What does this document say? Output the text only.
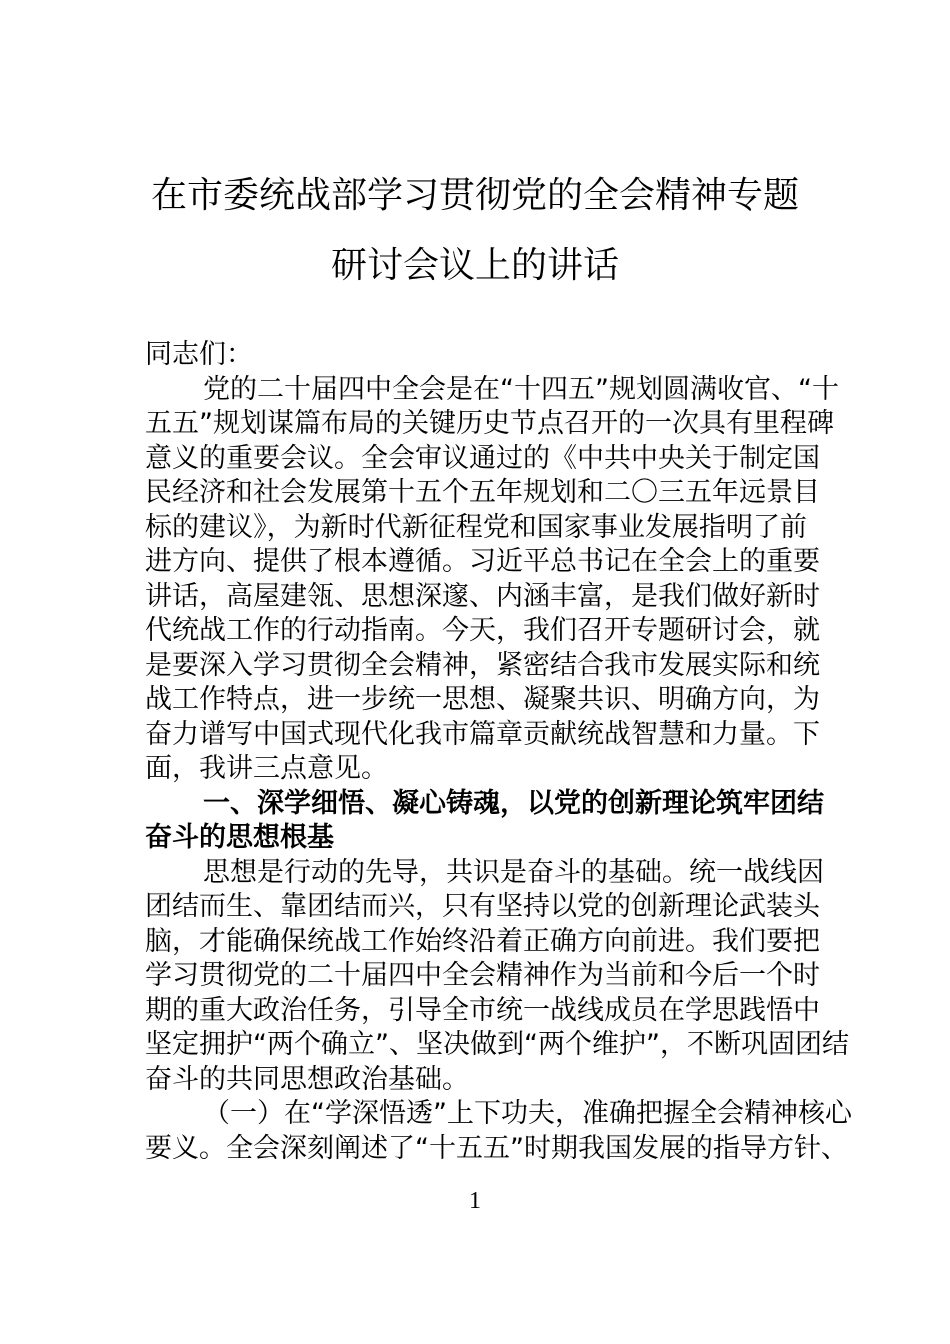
在市委统战部学习贯彻党的全会精神专题
研讨会议上的讲话
同志们：
党的二十届四中全会是在“十四五”规划圆满收官、“十
五五”规划谋篇布局的关键历史节点召开的一次具有里程碑
意义的重要会议。全会审议通过的《中共中央关于制定国
民经济和社会发展第十五个五年规划和二〇三五年远景目
标的建议》，为新时代新征程党和国家事业发展指明了前
进方向、提供了根本遵循。习近平总书记在全会上的重要
讲话，高屋建瓴、思想深邃、内涵丰富，是我们做好新时
代统战工作的行动指南。今天，我们召开专题研讨会，就
是要深入学习贯彻全会精神，紧密结合我市发展实际和统
战工作特点，进一步统一思想、凝聚共识、明确方向，为
奋力谱写中国式现代化我市篇章贡献统战智慧和力量。下
面，我讲三点意见。
一、深学细悟、凝心铸魂，以党的创新理论筑牢团结
奋斗的思想根基
思想是行动的先导，共识是奋斗的基础。统一战线因
团结而生、靠团结而兴，只有坚持以党的创新理论武装头
脑，才能确保统战工作始终沿着正确方向前进。我们要把
学习贯彻党的二十届四中全会精神作为当前和今后一个时
期的重大政治任务，引导全市统一战线成员在学思践悟中
坚定拥护“两个确立”、坚决做到“两个维护”，不断巩固团结
奋斗的共同思想政治基础。
（一）在“学深悟透”上下功夫，准确把握全会精神核心
要义。全会深刻阐述了“十五五”时期我国发展的指导方针、
1
